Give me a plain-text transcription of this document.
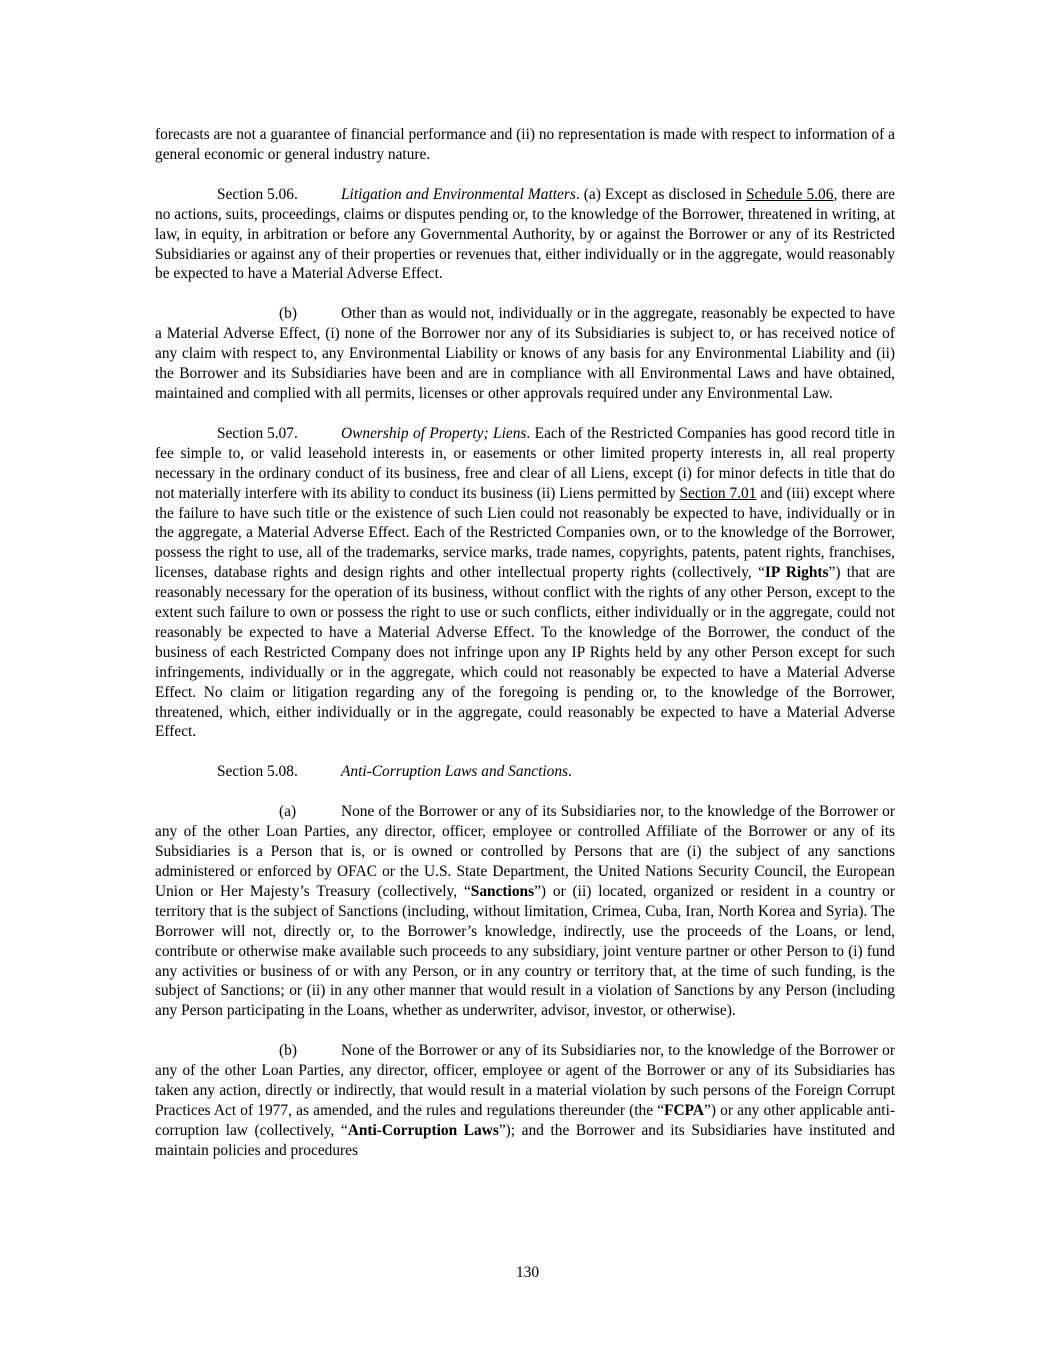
forecasts are not a guarantee of financial performance and (ii) no representation is made with respect to information of a general economic or general industry nature.

Section 5.06.	Litigation and Environmental Matters. (a) Except as disclosed in Schedule 5.06, there are no actions, suits, proceedings, claims or disputes pending or, to the knowledge of the Borrower, threatened in writing, at law, in equity, in arbitration or before any Governmental Authority, by or against the Borrower or any of its Restricted Subsidiaries or against any of their properties or revenues that, either individually or in the aggregate, would reasonably be expected to have a Material Adverse Effect.

(b)	Other than as would not, individually or in the aggregate, reasonably be expected to have a Material Adverse Effect, (i) none of the Borrower nor any of its Subsidiaries is subject to, or has received notice of any claim with respect to, any Environmental Liability or knows of any basis for any Environmental Liability and (ii) the Borrower and its Subsidiaries have been and are in compliance with all Environmental Laws and have obtained, maintained and complied with all permits, licenses or other approvals required under any Environmental Law.

Section 5.07.	Ownership of Property; Liens. Each of the Restricted Companies has good record title in fee simple to, or valid leasehold interests in, or easements or other limited property interests in, all real property necessary in the ordinary conduct of its business, free and clear of all Liens, except (i) for minor defects in title that do not materially interfere with its ability to conduct its business (ii) Liens permitted by Section 7.01 and (iii) except where the failure to have such title or the existence of such Lien could not reasonably be expected to have, individually or in the aggregate, a Material Adverse Effect. Each of the Restricted Companies own, or to the knowledge of the Borrower, possess the right to use, all of the trademarks, service marks, trade names, copyrights, patents, patent rights, franchises, licenses, database rights and design rights and other intellectual property rights (collectively, “IP Rights”) that are reasonably necessary for the operation of its business, without conflict with the rights of any other Person, except to the extent such failure to own or possess the right to use or such conflicts, either individually or in the aggregate, could not reasonably be expected to have a Material Adverse Effect. To the knowledge of the Borrower, the conduct of the business of each Restricted Company does not infringe upon any IP Rights held by any other Person except for such infringements, individually or in the aggregate, which could not reasonably be expected to have a Material Adverse Effect. No claim or litigation regarding any of the foregoing is pending or, to the knowledge of the Borrower, threatened, which, either individually or in the aggregate, could reasonably be expected to have a Material Adverse Effect.

Section 5.08.	Anti-Corruption Laws and Sanctions.

(a)	None of the Borrower or any of its Subsidiaries nor, to the knowledge of the Borrower or any of the other Loan Parties, any director, officer, employee or controlled Affiliate of the Borrower or any of its Subsidiaries is a Person that is, or is owned or controlled by Persons that are (i) the subject of any sanctions administered or enforced by OFAC or the U.S. State Department, the United Nations Security Council, the European Union or Her Majesty’s Treasury (collectively, “Sanctions”) or (ii) located, organized or resident in a country or territory that is the subject of Sanctions (including, without limitation, Crimea, Cuba, Iran, North Korea and Syria). The Borrower will not, directly or, to the Borrower’s knowledge, indirectly, use the proceeds of the Loans, or lend, contribute or otherwise make available such proceeds to any subsidiary, joint venture partner or other Person to (i) fund any activities or business of or with any Person, or in any country or territory that, at the time of such funding, is the subject of Sanctions; or (ii) in any other manner that would result in a violation of Sanctions by any Person (including any Person participating in the Loans, whether as underwriter, advisor, investor, or otherwise).

(b)	None of the Borrower or any of its Subsidiaries nor, to the knowledge of the Borrower or any of the other Loan Parties, any director, officer, employee or agent of the Borrower or any of its Subsidiaries has taken any action, directly or indirectly, that would result in a material violation by such persons of the Foreign Corrupt Practices Act of 1977, as amended, and the rules and regulations thereunder (the “FCPA”) or any other applicable anti-corruption law (collectively, “Anti-Corruption Laws”); and the Borrower and its Subsidiaries have instituted and maintain policies and procedures

130
